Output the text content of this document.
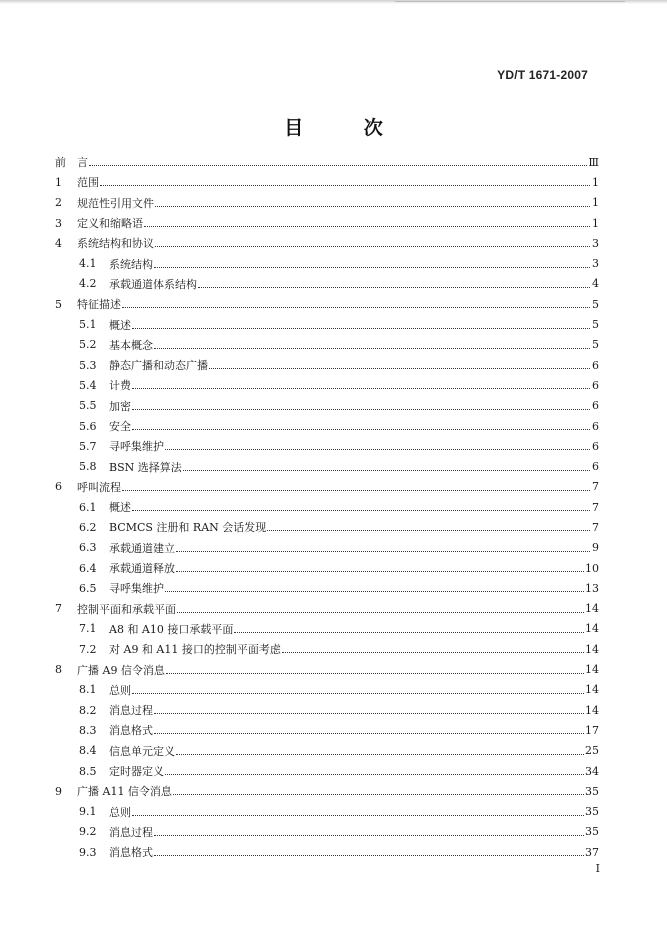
YD/T 1671-2007
目 次
前　言	Ⅲ
1	范围	1
2	规范性引用文件	1
3	定义和缩略语	1
4	系统结构和协议	3
4.1	系统结构	3
4.2	承载通道体系结构	4
5	特征描述	5
5.1	概述	5
5.2	基本概念	5
5.3	静态广播和动态广播	6
5.4	计费	6
5.5	加密	6
5.6	安全	6
5.7	寻呼集维护	6
5.8	BSN 选择算法	6
6	呼叫流程	7
6.1	概述	7
6.2	BCMCS 注册和 RAN 会话发现	7
6.3	承载通道建立	9
6.4	承载通道释放	10
6.5	寻呼集维护	13
7	控制平面和承载平面	14
7.1	A8 和 A10 接口承载平面	14
7.2	对 A9 和 A11 接口的控制平面考虑	14
8	广播 A9 信令消息	14
8.1	总则	14
8.2	消息过程	14
8.3	消息格式	17
8.4	信息单元定义	25
8.5	定时器定义	34
9	广播 A11 信令消息	35
9.1	总则	35
9.2	消息过程	35
9.3	消息格式	37
I
